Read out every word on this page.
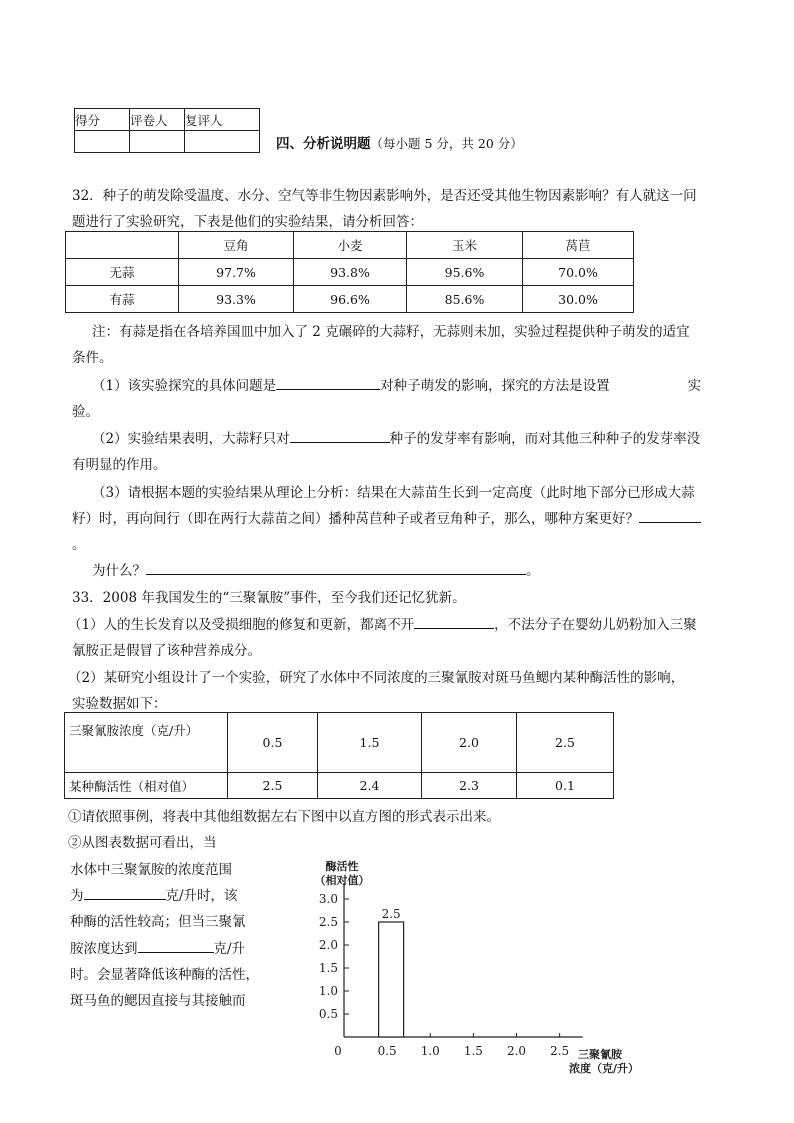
得分	评卷人	复评人

四、分析说明题（每小题 5 分，共 20 分）
32．种子的萌发除受温度、水分、空气等非生物因素影响外，是否还受其他生物因素影响？有人就这一问
题进行了实验研究，下表是他们的实验结果，请分析回答：
	豆角	小麦	玉米	莴苣
无蒜	97.7%	93.8%	95.6%	70.0%
有蒜	93.3%	96.6%	85.6%	30.0%
注：有蒜是指在各培养国皿中加入了 2 克碾碎的大蒜籽，无蒜则未加，实验过程提供种子萌发的适宜
条件。
（1）该实验探究的具体问题是	对种子萌发的影响，探究的方法是设置	实
验。
（2）实验结果表明，大蒜籽只对	种子的发芽率有影响，而对其他三种种子的发芽率没
有明显的作用。
（3）请根据本题的实验结果从理论上分析：结果在大蒜苗生长到一定高度（此时地下部分已形成大蒜
籽）时，再向间行（即在两行大蒜苗之间）播种莴苣种子或者豆角种子，那么，哪种方案更好？
。
为什么？	。
33．2008 年我国发生的“三聚氰胺”事件，至今我们还记忆犹新。
（1）人的生长发育以及受损细胞的修复和更新，都离不开	，不法分子在婴幼儿奶粉加入三聚
氰胺正是假冒了该种营养成分。
（2）某研究小组设计了一个实验，研究了水体中不同浓度的三聚氰胺对斑马鱼鳃内某种酶活性的影响，
实验数据如下：
三聚氰胺浓度（克/升）	0.5	1.5	2.0	2.5
某种酶活性（相对值）	2.5	2.4	2.3	0.1
①请依照事例，将表中其他组数据左右下图中以直方图的形式表示出来。
②从图表数据可看出，当
水体中三聚氰胺的浓度范围
为	克/升时，该
种酶的活性较高；但当三聚氰
胺浓度达到	克/升
时。会显著降低该种酶的活性，
斑马鱼的鳃因直接与其接触而
0.5
1.0
1.5
2.0
2.5
3.0
0	0.5 1.0 1.5 2.0 2.5
2.5
酶活性
（相对值）
三聚氰胺
浓度（克/升）
